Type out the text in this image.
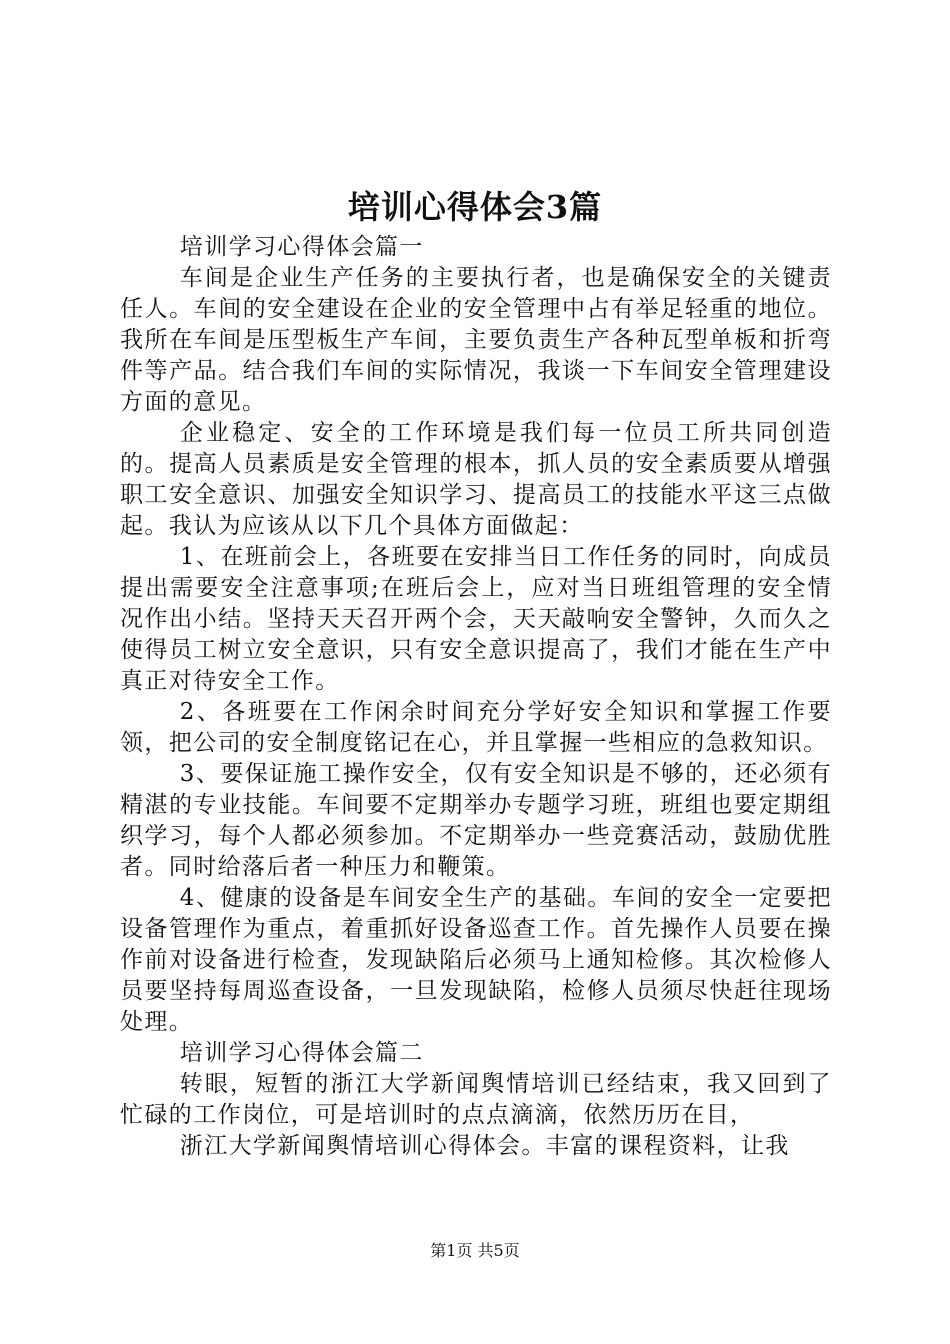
培训心得体会3篇

培训学习心得体会篇一

车间是企业生产任务的主要执行者，也是确保安全的关键责任人。车间的安全建设在企业的安全管理中占有举足轻重的地位。我所在车间是压型板生产车间，主要负责生产各种瓦型单板和折弯件等产品。结合我们车间的实际情况，我谈一下车间安全管理建设方面的意见。

企业稳定、安全的工作环境是我们每一位员工所共同创造的。提高人员素质是安全管理的根本，抓人员的安全素质要从增强职工安全意识、加强安全知识学习、提高员工的技能水平这三点做起。我认为应该从以下几个具体方面做起：

1、在班前会上，各班要在安排当日工作任务的同时，向成员提出需要安全注意事项;在班后会上，应对当日班组管理的安全情况作出小结。坚持天天召开两个会，天天敲响安全警钟，久而久之使得员工树立安全意识，只有安全意识提高了，我们才能在生产中真正对待安全工作。

2、各班要在工作闲余时间充分学好安全知识和掌握工作要领，把公司的安全制度铭记在心，并且掌握一些相应的急救知识。

3、要保证施工操作安全，仅有安全知识是不够的，还必须有精湛的专业技能。车间要不定期举办专题学习班，班组也要定期组织学习，每个人都必须参加。不定期举办一些竞赛活动，鼓励优胜者。同时给落后者一种压力和鞭策。

4、健康的设备是车间安全生产的基础。车间的安全一定要把设备管理作为重点，着重抓好设备巡查工作。首先操作人员要在操作前对设备进行检查，发现缺陷后必须马上通知检修。其次检修人员要坚持每周巡查设备，一旦发现缺陷，检修人员须尽快赶往现场处理。

培训学习心得体会篇二

转眼，短暂的浙江大学新闻舆情培训已经结束，我又回到了忙碌的工作岗位，可是培训时的点点滴滴，依然历历在目，

浙江大学新闻舆情培训心得体会。丰富的课程资料，让我

第1页 共5页
